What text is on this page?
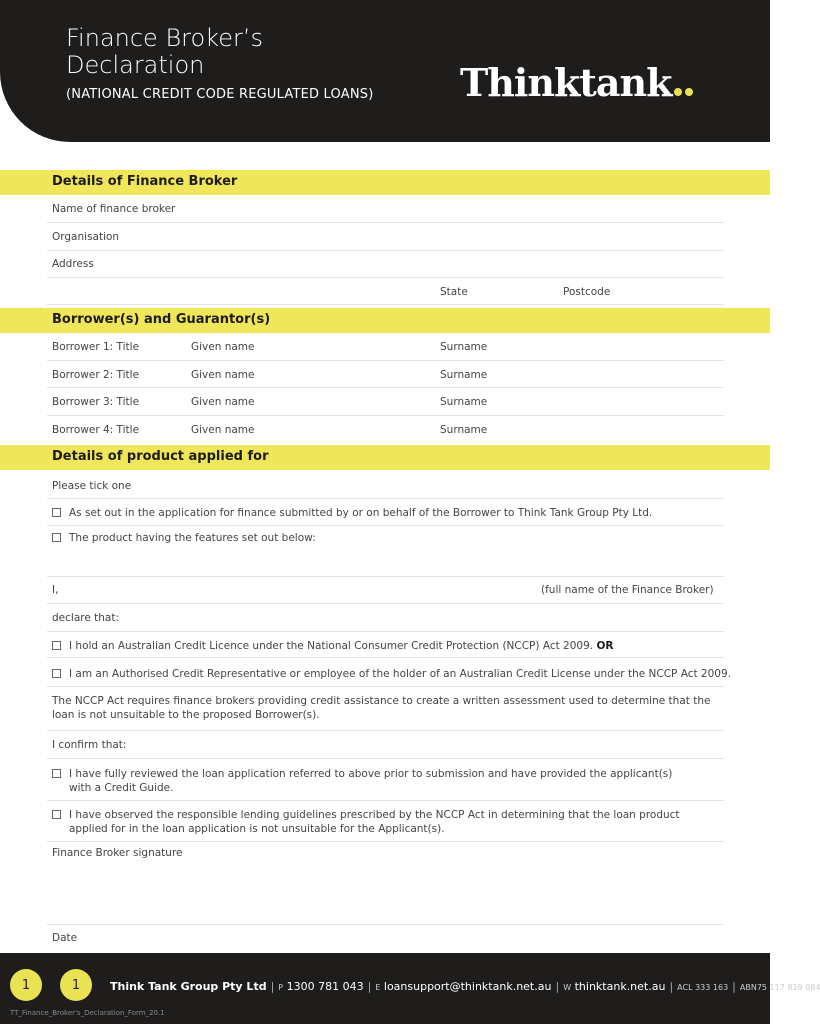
Finance Broker’s
Declaration
(NATIONAL CREDIT CODE REGULATED LOANS) Thinktank
Details of Finance Broker
Name of finance broker
Organisation
Address
State	Postcode
Borrower(s) and Guarantor(s)
Borrower 1: Title	Given name	Surname
Borrower 2: Title	Given name	Surname
Borrower 3: Title	Given name	Surname
Borrower 4: Title	Given name	Surname
Details of product applied for
Please tick one
As set out in the application for finance submitted by or on behalf of the Borrower to Think Tank Group Pty Ltd.
The product having the features set out below:
I,	(full name of the Finance Broker)
declare that:
I hold an Australian Credit Licence under the National Consumer Credit Protection (NCCP) Act 2009. OR
I am an Authorised Credit Representative or employee of the holder of an Australian Credit License under the NCCP Act 2009.
The NCCP Act requires finance brokers providing credit assistance to create a written assessment used to determine that the loan is not unsuitable to the proposed Borrower(s).
I confirm that:
I have fully reviewed the loan application referred to above prior to submission and have provided the applicant(s) with a Credit Guide.
I have observed the responsible lending guidelines prescribed by the NCCP Act in determining that the loan product applied for in the loan application is not unsuitable for the Applicant(s).
Finance Broker signature
Date
1	1	Think Tank Group Pty Ltd | P 1300 781 043 | E loansupport@thinktank.net.au | W thinktank.net.au | ACL 333 163 | ABN75 117 819 084
TT_Finance_Broker's_Declaration_Form_20.1
